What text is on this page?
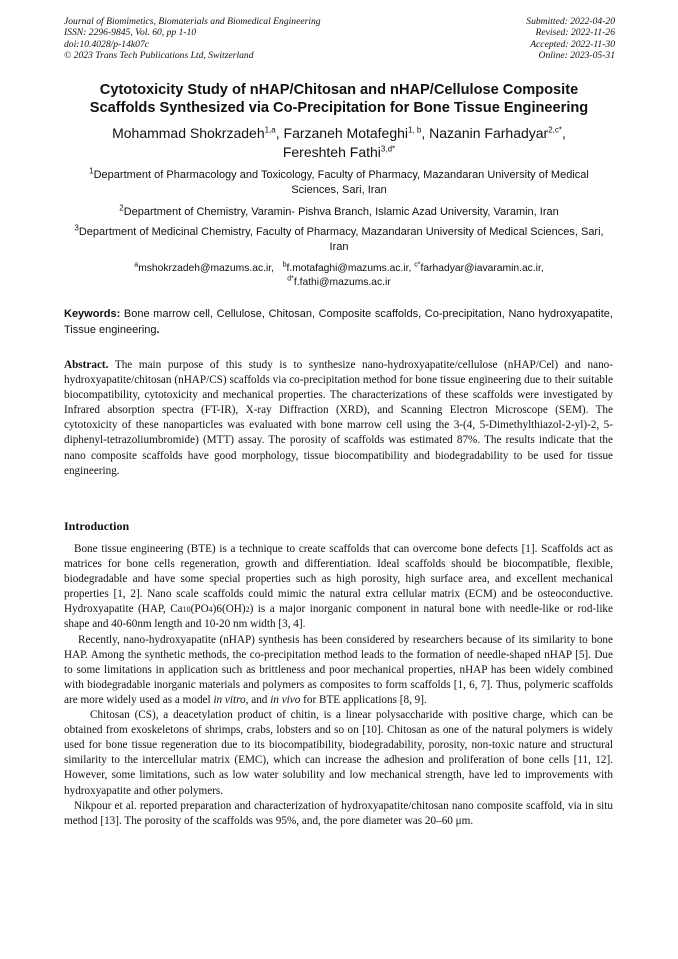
Journal of Biomimetics, Biomaterials and Biomedical Engineering
ISSN: 2296-9845, Vol. 60, pp 1-10
doi:10.4028/p-14k07c
© 2023 Trans Tech Publications Ltd, Switzerland
Submitted: 2022-04-20
Revised: 2022-11-26
Accepted: 2022-11-30
Online: 2023-05-31
Cytotoxicity Study of nHAP/Chitosan and nHAP/Cellulose Composite
Scaffolds Synthesized via Co-Precipitation for Bone Tissue Engineering
Mohammad Shokrzadeh$^{1,a}$, Farzaneh Motafeghi$^{1, b}$, Nazanin Farhadyar$^{2,c*}$,
Fereshteh Fathi$^{3,d*}$
$^1$Department of Pharmacology and Toxicology, Faculty of Pharmacy, Mazandaran University of Medical Sciences, Sari, Iran
$^2$Department of Chemistry, Varamin- Pishva Branch, Islamic Azad University, Varamin, Iran
$^3$Department of Medicinal Chemistry, Faculty of Pharmacy, Mazandaran University of Medical Sciences, Sari, Iran
$^a$mshokrzadeh@mazums.ac.ir, $^b$f.motafaghi@mazums.ac.ir, $^{c*}$farhadyar@iavaramin.ac.ir,
$^{d*}$f.fathi@mazums.ac.ir
Keywords: Bone marrow cell, Cellulose, Chitosan, Composite scaffolds, Co-precipitation, Nano hydroxyapatite, Tissue engineering.
Abstract. The main purpose of this study is to synthesize nano-hydroxyapatite/cellulose (nHAP/Cel) and nano-hydroxyapatite/chitosan (nHAP/CS) scaffolds via co-precipitation method for bone tissue engineering due to their suitable biocompatibility, cytotoxicity and mechanical properties. The characterizations of these scaffolds were investigated by Infrared absorption spectra (FT-IR), X-ray Diffraction (XRD), and Scanning Electron Microscope (SEM). The cytotoxicity of these nanoparticles was evaluated with bone marrow cell using the 3-(4, 5-Dimethylthiazol-2-yl)-2, 5-diphenyl-tetrazoliumbromide) (MTT) assay. The porosity of scaffolds was estimated 87%. The results indicate that the nano composite scaffolds have good morphology, tissue biocompatibility and biodegradability to be used for tissue engineering.
Introduction

Bone tissue engineering (BTE) is a technique to create scaffolds that can overcome bone defects [1]. Scaffolds act as matrices for bone cells regeneration, growth and differentiation. Ideal scaffolds should be biocompatible, flexible, biodegradable and have some special properties such as high porosity, high surface area, and excellent mechanical properties [1, 2]. Nano scale scaffolds could mimic the natural extra cellular matrix (ECM) and be osteoconductive. Hydroxyapatite (HAP, Ca10(PO4)6(OH)2) is a major inorganic component in natural bone with needle-like or rod-like shape and 40-60nm length and 10-20 nm width [3, 4].

Recently, nano-hydroxyapatite (nHAP) synthesis has been considered by researchers because of its similarity to bone HAP. Among the synthetic methods, the co-precipitation method leads to the formation of needle-shaped nHAP [5]. Due to some limitations in application such as brittleness and poor mechanical properties, nHAP has been widely combined with biodegradable inorganic materials and polymers as composites to form scaffolds [1, 6, 7]. Thus, polymeric scaffolds are more widely used as a model in vitro, and in vivo for BTE applications [8, 9].

Chitosan (CS), a deacetylation product of chitin, is a linear polysaccharide with positive charge, which can be obtained from exoskeletons of shrimps, crabs, lobsters and so on [10]. Chitosan as one of the natural polymers is widely used for bone tissue regeneration due to its biocompatibility, biodegradability, porosity, non-toxic nature and structural similarity to the intercellular matrix (EMC), which can increase the adhesion and proliferation of bone cells [11, 12]. However, some limitations, such as low water solubility and low mechanical strength, have led to improvements with hydroxyapatite and other polymers.

Nikpour et al. reported preparation and characterization of hydroxyapatite/chitosan nano composite scaffold, via in situ method [13]. The porosity of the scaffolds was 95%, and, the pore diameter was 20–60 μm.
